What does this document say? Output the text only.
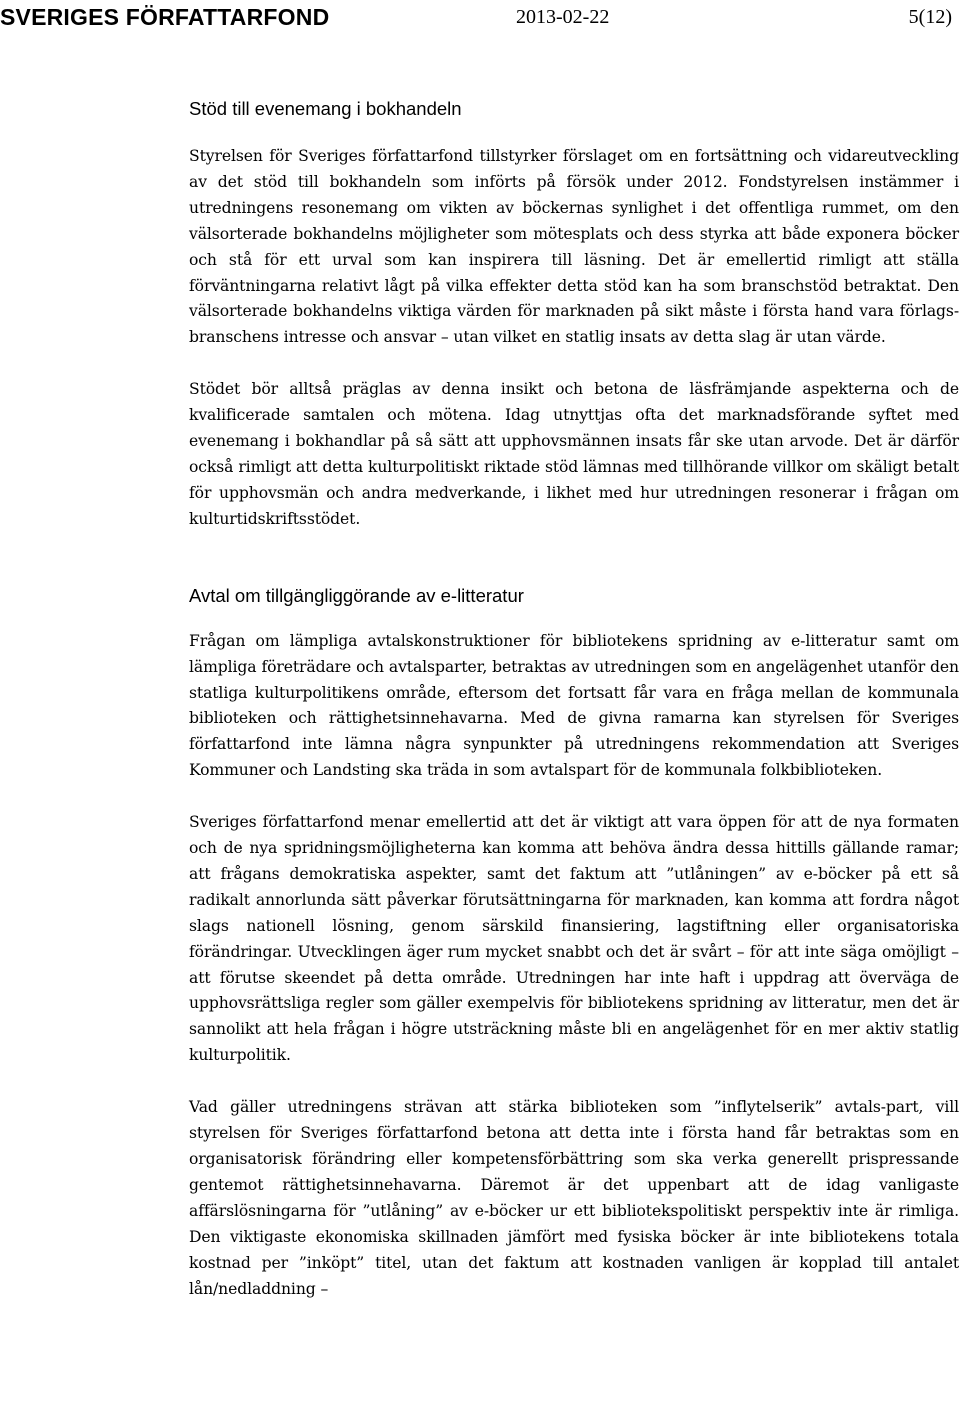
SVERIGES FÖRFATTARFOND	2013-02-22	5(12)
Stöd till evenemang i bokhandeln

Styrelsen för Sveriges författarfond tillstyrker förslaget om en fortsättning och vidareutveckling av det stöd till bokhandeln som införts på försök under 2012. Fondstyrelsen instämmer i utredningens resonemang om vikten av böckernas synlighet i det offentliga rummet, om den välsorterade bokhandelns möjligheter som mötesplats och dess styrka att både exponera böcker och stå för ett urval som kan inspirera till läsning. Det är emellertid rimligt att ställa förväntningarna relativt lågt på vilka effekter detta stöd kan ha som branschstöd betraktat. Den välsorterade bokhandelns viktiga värden för marknaden på sikt måste i första hand vara förlags-branschens intresse och ansvar – utan vilket en statlig insats av detta slag är utan värde.

Stödet bör alltså präglas av denna insikt och betona de läsfrämjande aspekterna och de kvalificerade samtalen och mötena. Idag utnyttjas ofta det marknadsförande syftet med evenemang i bokhandlar på så sätt att upphovsmännen insats får ske utan arvode. Det är därför också rimligt att detta kulturpolitiskt riktade stöd lämnas med tillhörande villkor om skäligt betalt för upphovsmän och andra medverkande, i likhet med hur utredningen resonerar i frågan om kulturtidskriftsstödet.

Avtal om tillgängliggörande av e-litteratur

Frågan om lämpliga avtalskonstruktioner för bibliotekens spridning av e-litteratur samt om lämpliga företrädare och avtalsparter, betraktas av utredningen som en angelägenhet utanför den statliga kulturpolitikens område, eftersom det fortsatt får vara en fråga mellan de kommunala biblioteken och rättighetsinnehavarna. Med de givna ramarna kan styrelsen för Sveriges författarfond inte lämna några synpunkter på utredningens rekommendation att Sveriges Kommuner och Landsting ska träda in som avtalspart för de kommunala folkbiblioteken.

Sveriges författarfond menar emellertid att det är viktigt att vara öppen för att de nya formaten och de nya spridningsmöjligheterna kan komma att behöva ändra dessa hittills gällande ramar; att frågans demokratiska aspekter, samt det faktum att ”utlåningen” av e-böcker på ett så radikalt annorlunda sätt påverkar förutsättningarna för marknaden, kan komma att fordra något slags nationell lösning, genom särskild finansiering, lagstiftning eller organisatoriska förändringar. Utvecklingen äger rum mycket snabbt och det är svårt – för att inte säga omöjligt – att förutse skeendet på detta område. Utredningen har inte haft i uppdrag att överväga de upphovsrättsliga regler som gäller exempelvis för bibliotekens spridning av litteratur, men det är sannolikt att hela frågan i högre utsträckning måste bli en angelägenhet för en mer aktiv statlig kulturpolitik.

Vad gäller utredningens strävan att stärka biblioteken som ”inflytelserik” avtals-part, vill styrelsen för Sveriges författarfond betona att detta inte i första hand får betraktas som en organisatorisk förändring eller kompetensförbättring som ska verka generellt prispressande gentemot rättighetsinnehavarna. Däremot är det uppenbart att de idag vanligaste affärslösningarna för ”utlåning” av e-böcker ur ett bibliotekspolitiskt perspektiv inte är rimliga. Den viktigaste ekonomiska skillnaden jämfört med fysiska böcker är inte bibliotekens totala kostnad per ”inköpt” titel, utan det faktum att kostnaden vanligen är kopplad till antalet lån/nedladdning –
